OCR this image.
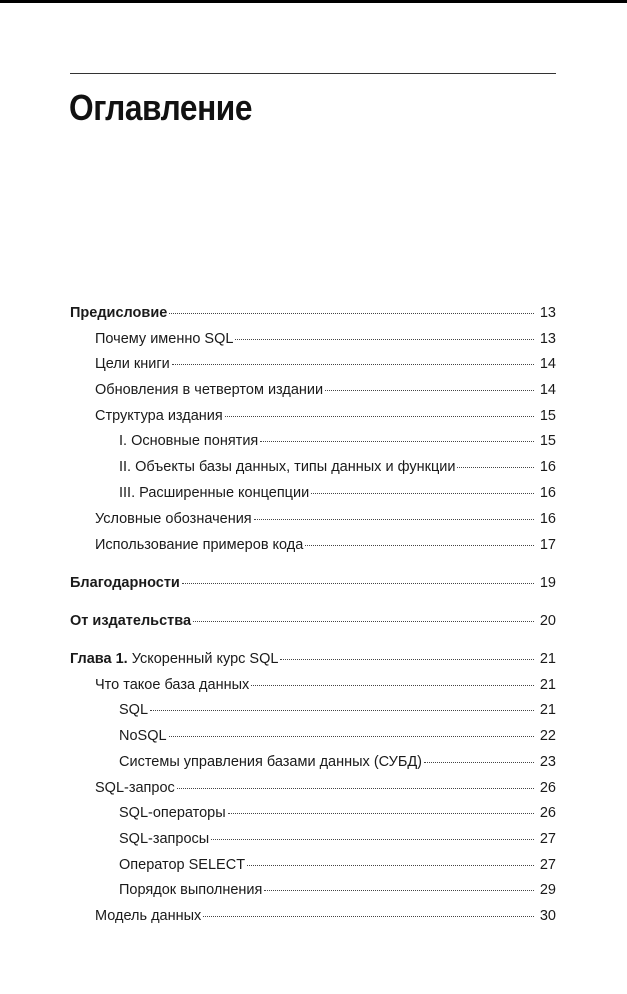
Оглавление
Предисловие	13
Почему именно SQL	13
Цели книги	14
Обновления в четвертом издании	14
Структура издания	15
I. Основные понятия	15
II. Объекты базы данных, типы данных и функции	16
III. Расширенные концепции	16
Условные обозначения	16
Использование примеров кода	17
Благодарности	19
От издательства	20
Глава 1. Ускоренный курс SQL	21
Что такое база данных	21
SQL	21
NoSQL	22
Системы управления базами данных (СУБД)	23
SQL-запрос	26
SQL-операторы	26
SQL-запросы	27
Оператор SELECT	27
Порядок выполнения	29
Модель данных	30
